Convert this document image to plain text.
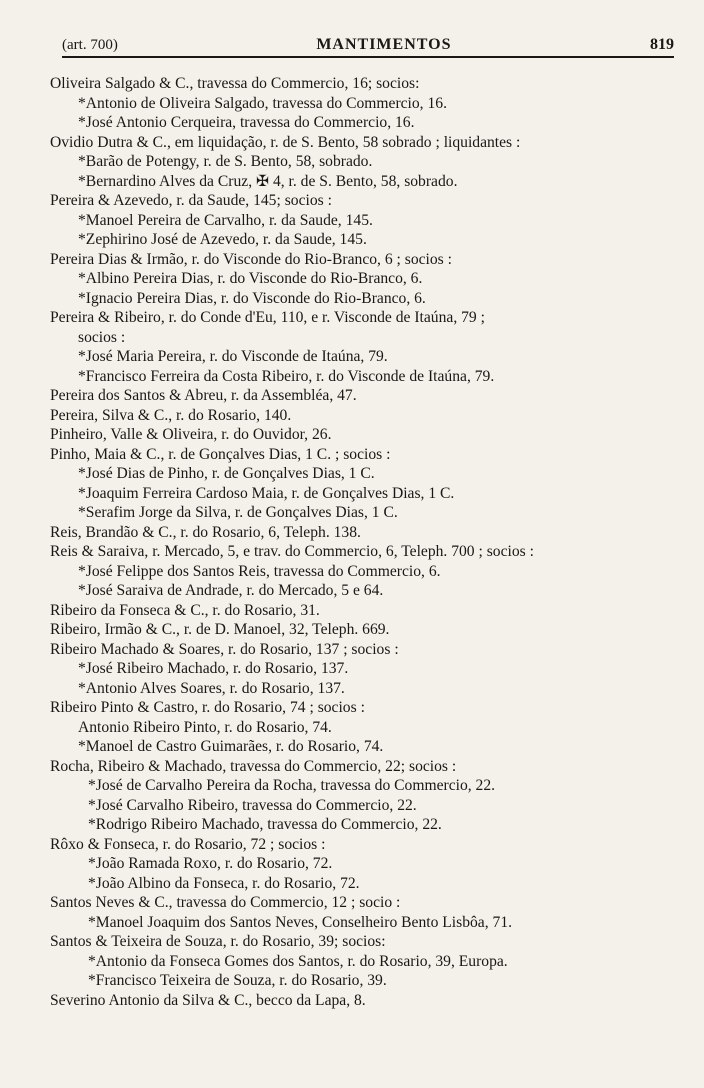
(art. 700)	MANTIMENTOS	819
Oliveira Salgado & C., travessa do Commercio, 16; socios:
*Antonio de Oliveira Salgado, travessa do Commercio, 16.
*José Antonio Cerqueira, travessa do Commercio, 16.
Ovidio Dutra & C., em liquidação, r. de S. Bento, 58 sobrado ; liquidantes :
*Barão de Potengy, r. de S. Bento, 58, sobrado.
*Bernardino Alves da Cruz, ✠ 4, r. de S. Bento, 58, sobrado.
Pereira & Azevedo, r. da Saude, 145; socios :
*Manoel Pereira de Carvalho, r. da Saude, 145.
*Zephirino José de Azevedo, r. da Saude, 145.
Pereira Dias & Irmão, r. do Visconde do Rio-Branco, 6 ; socios :
*Albino Pereira Dias, r. do Visconde do Rio-Branco, 6.
*Ignacio Pereira Dias, r. do Visconde do Rio-Branco, 6.
Pereira & Ribeiro, r. do Conde d'Eu, 110, e r. Visconde de Itaúna, 79 ;
socios :
*José Maria Pereira, r. do Visconde de Itaúna, 79.
*Francisco Ferreira da Costa Ribeiro, r. do Visconde de Itaúna, 79.
Pereira dos Santos & Abreu, r. da Assembléa, 47.
Pereira, Silva & C., r. do Rosario, 140.
Pinheiro, Valle & Oliveira, r. do Ouvidor, 26.
Pinho, Maia & C., r. de Gonçalves Dias, 1 C. ; socios :
*José Dias de Pinho, r. de Gonçalves Dias, 1 C.
*Joaquim Ferreira Cardoso Maia, r. de Gonçalves Dias, 1 C.
*Serafim Jorge da Silva, r. de Gonçalves Dias, 1 C.
Reis, Brandão & C., r. do Rosario, 6, Teleph. 138.
Reis & Saraiva, r. Mercado, 5, e trav. do Commercio, 6, Teleph. 700 ; socios :
*José Felippe dos Santos Reis, travessa do Commercio, 6.
*José Saraiva de Andrade, r. do Mercado, 5 e 64.
Ribeiro da Fonseca & C., r. do Rosario, 31.
Ribeiro, Irmão & C., r. de D. Manoel, 32, Teleph. 669.
Ribeiro Machado & Soares, r. do Rosario, 137 ; socios :
*José Ribeiro Machado, r. do Rosario, 137.
*Antonio Alves Soares, r. do Rosario, 137.
Ribeiro Pinto & Castro, r. do Rosario, 74 ; socios :
Antonio Ribeiro Pinto, r. do Rosario, 74.
*Manoel de Castro Guimarães, r. do Rosario, 74.
Rocha, Ribeiro & Machado, travessa do Commercio, 22; socios :
*José de Carvalho Pereira da Rocha, travessa do Commercio, 22.
*José Carvalho Ribeiro, travessa do Commercio, 22.
*Rodrigo Ribeiro Machado, travessa do Commercio, 22.
Rôxo & Fonseca, r. do Rosario, 72 ; socios :
*João Ramada Roxo, r. do Rosario, 72.
*João Albino da Fonseca, r. do Rosario, 72.
Santos Neves & C., travessa do Commercio, 12 ; socio :
*Manoel Joaquim dos Santos Neves, Conselheiro Bento Lisbôa, 71.
Santos & Teixeira de Souza, r. do Rosario, 39; socios:
*Antonio da Fonseca Gomes dos Santos, r. do Rosario, 39, Europa.
*Francisco Teixeira de Souza, r. do Rosario, 39.
Severino Antonio da Silva & C., becco da Lapa, 8.
